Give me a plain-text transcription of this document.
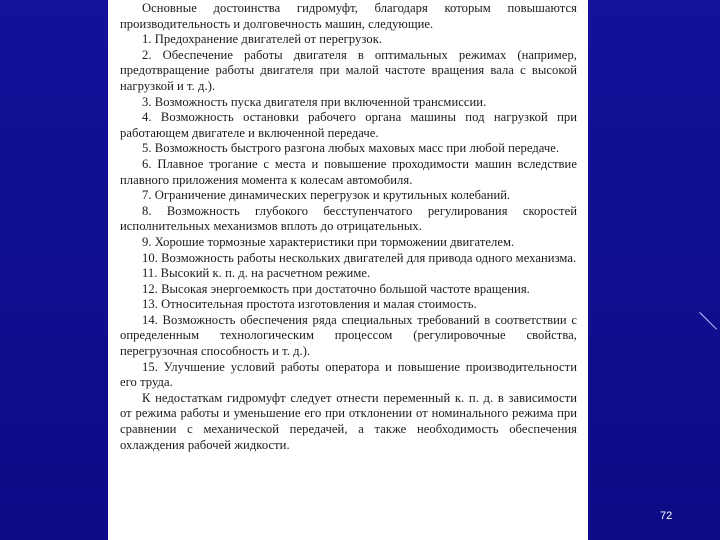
Основные достоинства гидромуфт, благодаря которым повышаются производительность и долговечность машин, следующие.

1. Предохранение двигателей от перегрузок.

2. Обеспечение работы двигателя в оптимальных режимах (например, предотвращение работы двигателя при малой частоте вращения вала с высокой нагрузкой и т. д.).

3. Возможность пуска двигателя при включенной трансмиссии.

4. Возможность остановки рабочего органа машины под нагрузкой при работающем двигателе и включенной передаче.

5. Возможность быстрого разгона любых маховых масс при любой передаче.

6. Плавное трогание с места и повышение проходимости машин вследствие плавного приложения момента к колесам автомобиля.

7. Ограничение динамических перегрузок и крутильных колебаний.

8. Возможность глубокого бесступенчатого регулирования скоростей исполнительных механизмов вплоть до отрицательных.

9. Хорошие тормозные характеристики при торможении двигателем.

10. Возможность работы нескольких двигателей для привода одного механизма.

11. Высокий к. п. д. на расчетном режиме.

12. Высокая энергоемкость при достаточно большой частоте вращения.

13. Относительная простота изготовления и малая стоимость.

14. Возможность обеспечения ряда специальных требований в соответствии с определенным технологическим процессом (регулировочные свойства, перегрузочная способность и т. д.).

15. Улучшение условий работы оператора и повышение производительности его труда.

К недостаткам гидромуфт следует отнести переменный к. п. д. в зависимости от режима работы и уменьшение его при отклонении от номинального режима при сравнении с механической передачей, а также необходимость обеспечения охлаждения рабочей жидкости.

72
